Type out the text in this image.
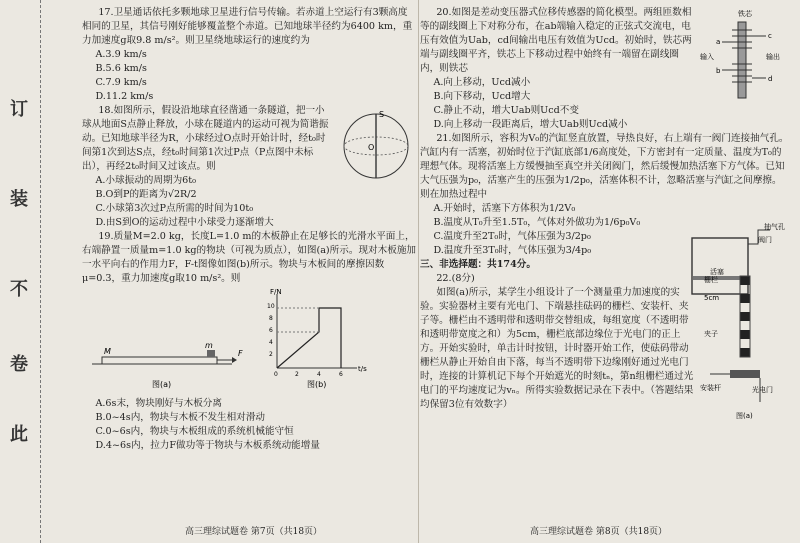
订
装
不
卷
此

17.卫星通话依托多颗地球卫星进行信号传输。若赤道上空运行有3颗高度相同的卫星，其信号刚好能够覆盖整个赤道。已知地球半径约为6400 km，重力加速度g取9.8 m/s²。则卫星绕地球运行的速度约为

A.3.9 km/s

B.5.6 km/s

C.7.9 km/s

D.11.2 km/s

18.如图所示，假设沿地球直径凿通一条隧道，把一小球从地面S点静止释放，小球在隧道内的运动可视为简谐振动。已知地球半径为R，小球经过O点时开始计时，经t₀时间第1次到达S点，经t₀时间第1次过P点（P点图中未标出），再经2t₀时间又过该点。则

S
O

A.小球振动的周期为6t₀

B.O到P的距离为√2R/2

C.小球第3次过P点所需的时间为10t₀

D.由S到O的运动过程中小球受力逐渐增大

19.质量M=2.0 kg，长度L=1.0 m的木板静止在足够长的光滑水平面上，右端静置一质量m=1.0 kg的物块（可视为质点），如图(a)所示。现对木板施加一水平向右的作用力F，F-t图像如图(b)所示。物块与木板间的摩擦因数μ=0.3，重力加速度g取10 m/s²。则

M
m
F
图(a)
F/N
t/s
10
8
6
4
2
0	2	4	6
图(b)

A.6s末，物块刚好与木板分离

B.0~4s内，物块与木板不发生相对滑动

C.0~6s内，物块与木板组成的系统机械能守恒

D.4~6s内，拉力F做功等于物块与木板系统动能增量

高三理综试题卷 第7页（共18页）

20.如图是差动变压器式位移传感器的简化模型。两组匝数相等的副线圈上下对称分布，在ab端输入稳定的正弦式交流电，电压有效值为Uab，cd间输出电压有效值为Ucd。初始时，铁芯两端与副线圈平齐，铁芯上下移动过程中始终有一端留在副线圈内，则铁芯

铁芯
输入	输出
a
b
c
d

A.向上移动，Ucd减小

B.向下移动，Ucd增大

C.静止不动，增大Uab则Ucd不变

D.向上移动一段距离后，增大Uab则Ucd减小

21.如图所示，容积为V₀的汽缸竖直放置，导热良好，右上端有一阀门连接抽气孔。汽缸内有一活塞，初始时位于汽缸底部1/6高度处，下方密封有一定质量、温度为T₀的理想气体。现将活塞上方缓慢抽至真空并关闭阀门，然后缓慢加热活塞下方气体。已知大气压强为p₀，活塞产生的压强为1/2p₀，活塞体积不计，忽略活塞与汽缸之间摩擦。则在加热过程中

抽气孔
阀门
活塞

A.开始时，活塞下方体积为1/2V₀

B.温度从T₀升至1.5T₀，气体对外做功为1/6p₀V₀

C.温度升至2T₀时，气体压强为3/2p₀

D.温度升至3T₀时，气体压强为3/4p₀

三、非选择题：共174分。

22.(8分)

如图(a)所示，某学生小组设计了一个测量重力加速度的实验。实验器材主要有光电门、下端悬挂砝码的栅栏、安装杆、夹子等。栅栏由不透明带和透明带交替组成，每组宽度（不透明带和透明带宽度之和）为5cm，栅栏底部边缘位于光电门的正上方。开始实验时，单击计时按钮，计时器开始工作，使砝码带动栅栏从静止开始自由下落，每当不透明带下边缘刚好通过光电门时，连接的计算机记下每个开始遮光的时刻tₙ，第n组栅栏通过光电门的平均速度记为vₙ。所得实验数据记录在下表中。（答题结果均保留3位有效数字）

栅栏
5cm
夹子
安装杆	光电门
图(a)
高三理综试题卷 第8页（共18页）
